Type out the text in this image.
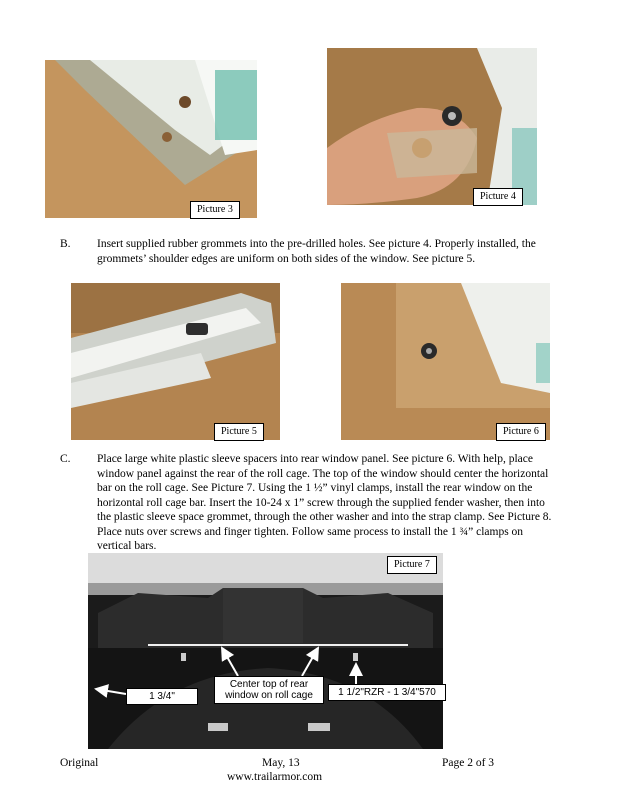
Picture 3
Picture 4
B. Insert supplied rubber grommets into the pre-drilled holes. See picture 4. Properly installed, the grommets’ shoulder edges are uniform on both sides of the window. See picture 5.
Picture 5	Picture 6
C. Place large white plastic sleeve spacers into rear window panel. See picture 6. With help, place window panel against the rear of the roll cage. The top of the window should center the horizontal bar on the roll cage. See Picture 7. Using the 1 ½” vinyl clamps, install the rear window on the horizontal roll cage bar. Insert the 10-24 x 1” screw through the supplied fender washer, then into the plastic sleeve space grommet, through the other washer and into the strap clamp. See Picture 8. Place nuts over screws and finger tighten. Follow same process to install the 1 ¾” clamps on vertical bars.
Picture 7
1 3/4"
Center top of rear window on roll cage	1 1/2"RZR - 1 3/4"570
Original	May, 13	Page 2 of 3
www.trailarmor.com
